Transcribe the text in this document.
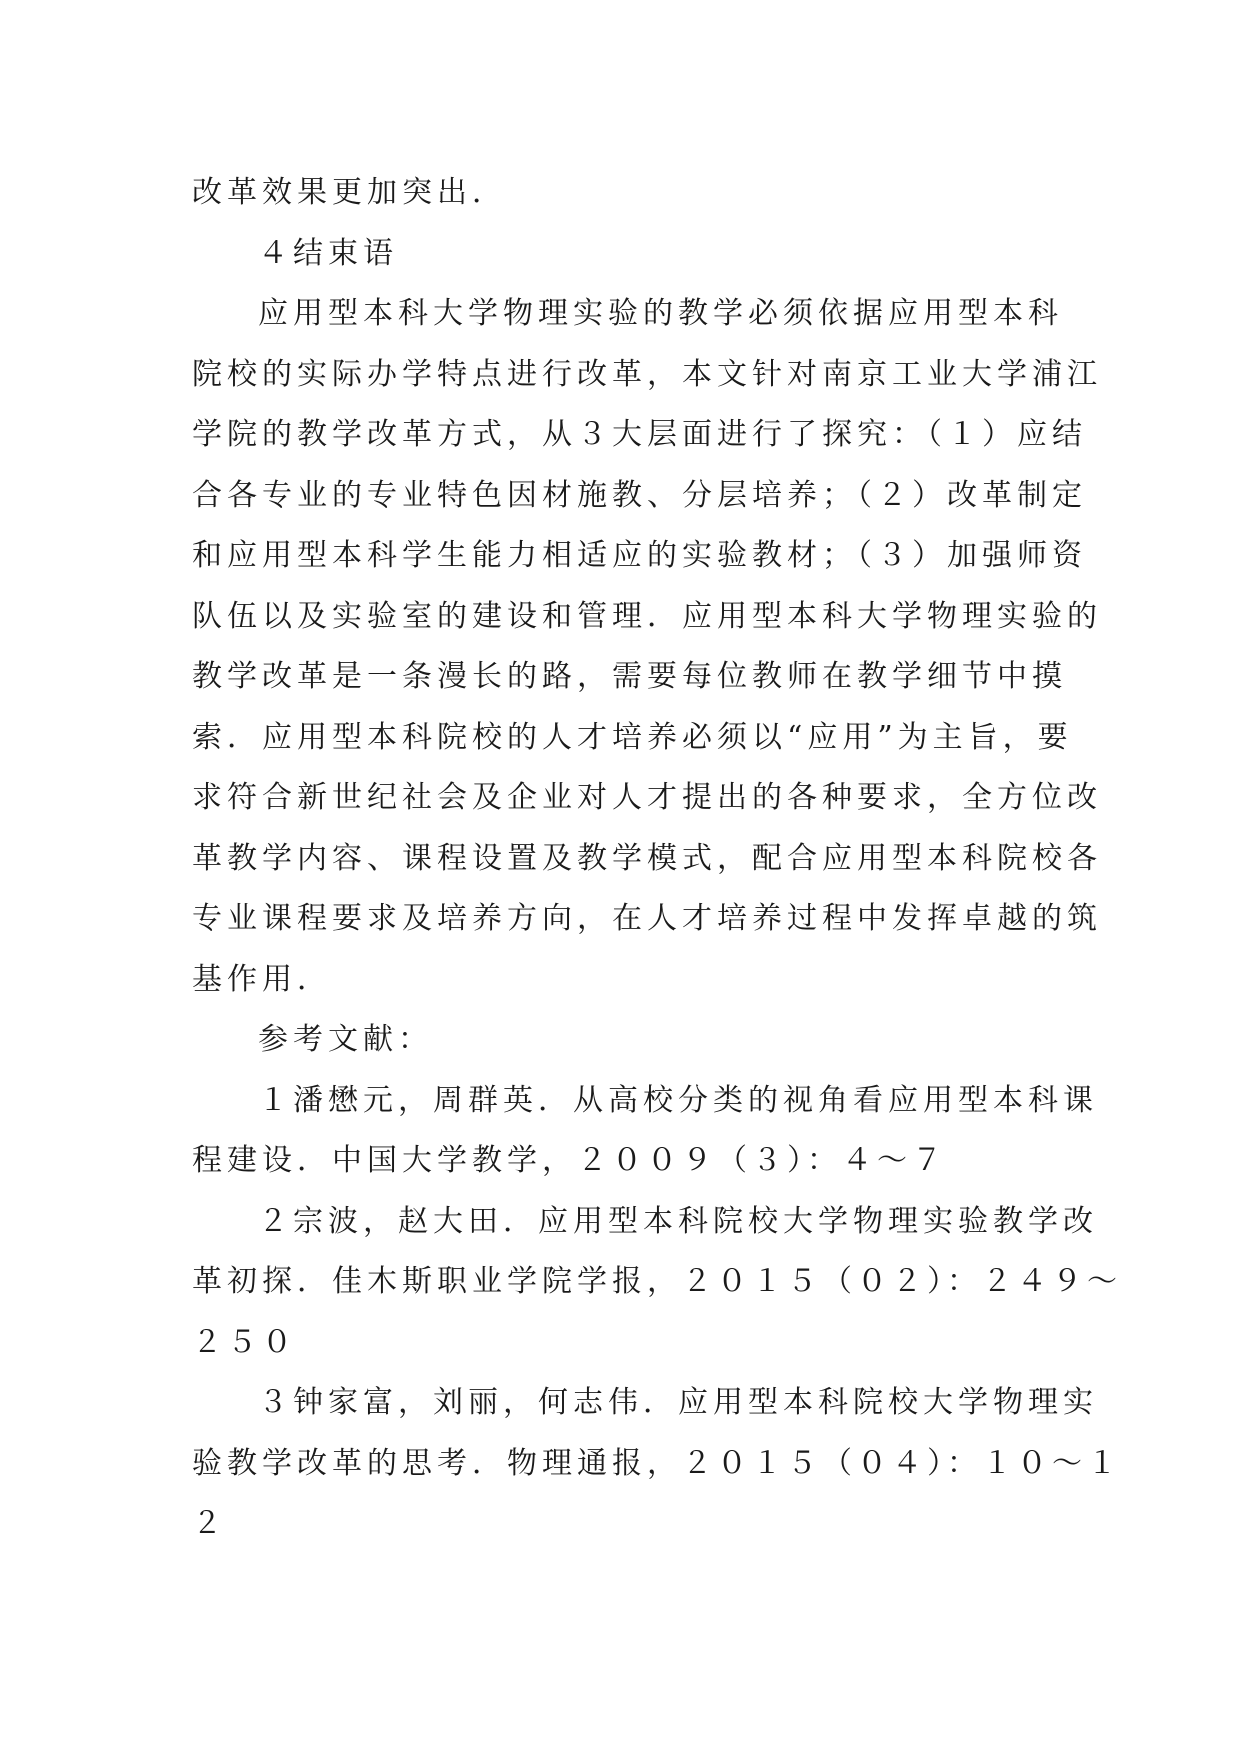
改革效果更加突出．
４结束语
应用型本科大学物理实验的教学必须依据应用型本科
院校的实际办学特点进行改革，本文针对南京工业大学浦江
学院的教学改革方式，从３大层面进行了探究：（１）应结
合各专业的专业特色因材施教、分层培养；（２）改革制定
和应用型本科学生能力相适应的实验教材；（３）加强师资
队伍以及实验室的建设和管理．应用型本科大学物理实验的
教学改革是一条漫长的路，需要每位教师在教学细节中摸
索．应用型本科院校的人才培养必须以“应用”为主旨，要
求符合新世纪社会及企业对人才提出的各种要求，全方位改
革教学内容、课程设置及教学模式，配合应用型本科院校各
专业课程要求及培养方向，在人才培养过程中发挥卓越的筑
基作用．
参考文献：
１潘懋元，周群英．从高校分类的视角看应用型本科课
程建设．中国大学教学，２００９（３）：４～７
２宗波，赵大田．应用型本科院校大学物理实验教学改
革初探．佳木斯职业学院学报，２０１５（０２）：２４９～
２５０
３钟家富，刘丽，何志伟．应用型本科院校大学物理实
验教学改革的思考．物理通报，２０１５（０４）：１０～１
２
